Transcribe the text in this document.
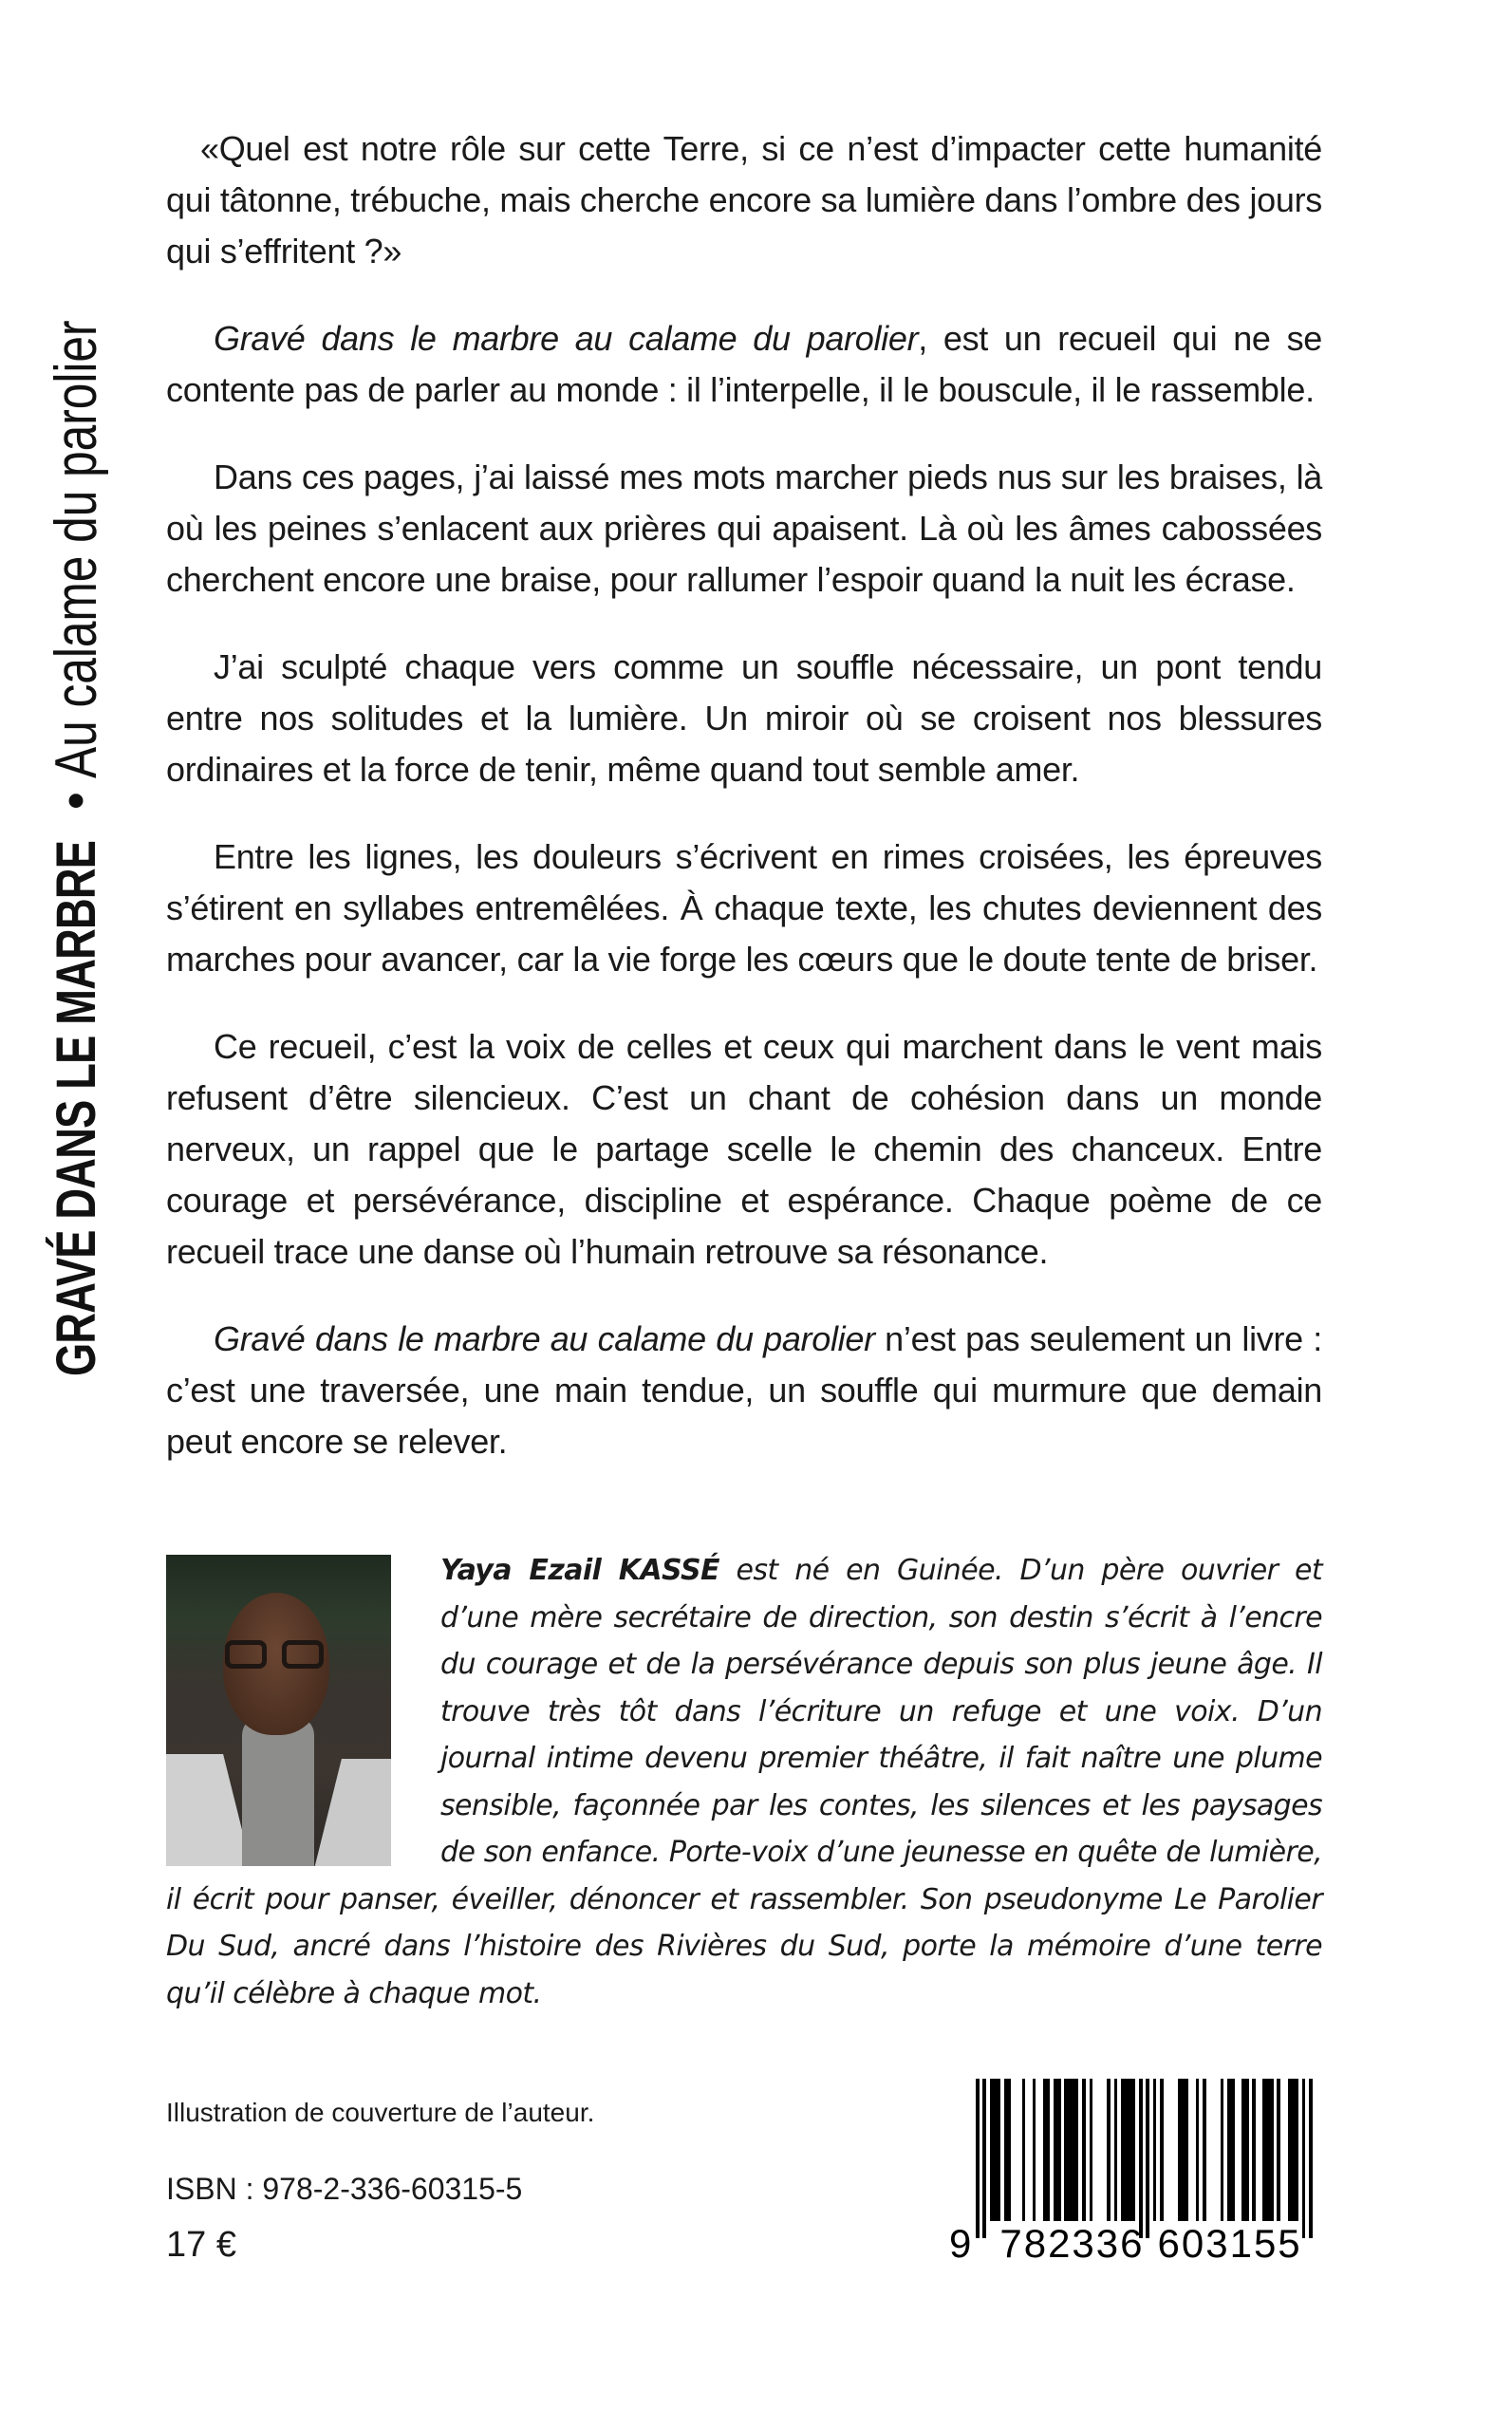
GRAVÉ DANS LE MARBRE
•
Au calame du parolier

«Quel est notre rôle sur cette Terre, si ce n’est d’impacter cette humanité qui tâtonne, trébuche, mais cherche encore sa lumière dans l’ombre des jours qui s’effritent ?»

Gravé dans le marbre au calame du parolier, est un recueil qui ne se contente pas de parler au monde : il l’interpelle, il le bouscule, il le rassemble.

Dans ces pages, j’ai laissé mes mots marcher pieds nus sur les braises, là où les peines s’enlacent aux prières qui apaisent. Là où les âmes cabossées cherchent encore une braise, pour rallumer l’espoir quand la nuit les écrase.

J’ai sculpté chaque vers comme un souffle nécessaire, un pont tendu entre nos solitudes et la lumière. Un miroir où se croisent nos blessures ordinaires et la force de tenir, même quand tout semble amer.

Entre les lignes, les douleurs s’écrivent en rimes croisées, les épreuves s’étirent en syllabes entremêlées. À chaque texte, les chutes deviennent des marches pour avancer, car la vie forge les cœurs que le doute tente de briser.

Ce recueil, c’est la voix de celles et ceux qui marchent dans le vent mais refusent d’être silencieux. C’est un chant de cohésion dans un monde nerveux, un rappel que le partage scelle le chemin des chanceux. Entre courage et persévérance, discipline et espérance. Chaque poème de ce recueil trace une danse où l’humain retrouve sa résonance.

Gravé dans le marbre au calame du parolier n’est pas seulement un livre : c’est une traversée, une main tendue, un souffle qui murmure que demain peut encore se relever.

Yaya Ezail KASSÉ est né en Guinée. D’un père ouvrier et d’une mère secrétaire de direction, son destin s’écrit à l’encre du courage et de la persévérance depuis son plus jeune âge. Il trouve très tôt dans l’écriture un refuge et une voix. D’un journal intime devenu premier théâtre, il fait naître une plume sensible, façonnée par les contes, les silences et les paysages de son enfance. Porte-voix d’une jeunesse en quête de lumière, il écrit pour panser, éveiller, dénoncer et rassembler. Son pseudonyme Le Parolier Du Sud, ancré dans l’histoire des Rivières du Sud, porte la mémoire d’une terre qu’il célèbre à chaque mot.
Illustration de couverture de l’auteur.
ISBN : 978-2-336-60315-5
17 €	9 782336 603155
